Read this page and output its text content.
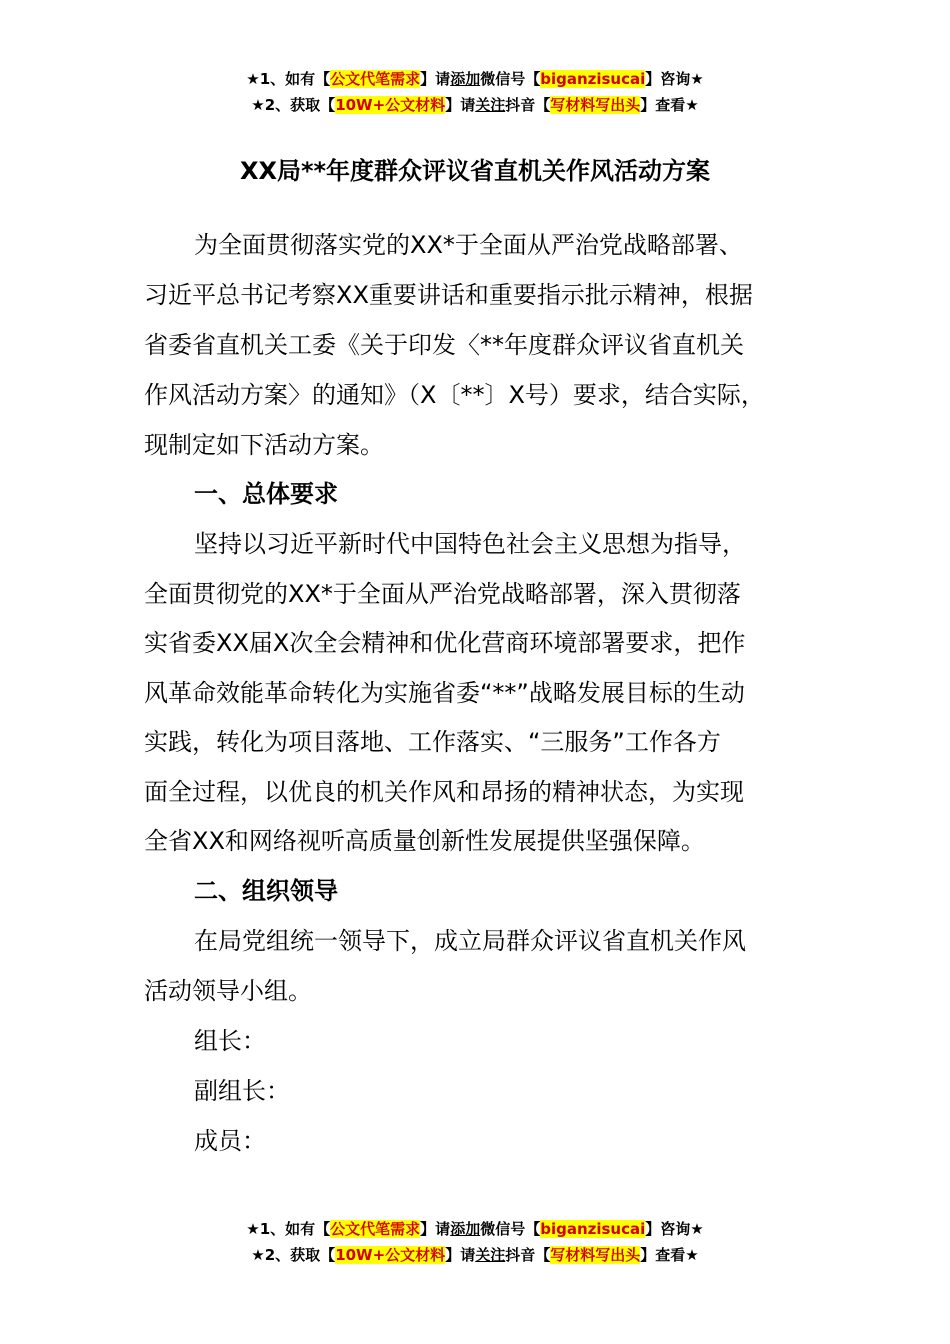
★1、如有【公文代笔需求】请添加微信号【biganzisucai】咨询★
★2、获取【10W+公文材料】请关注抖音【写材料写出头】查看★
XX局**年度群众评议省直机关作风活动方案
为全面贯彻落实党的XX*于全面从严治党战略部署、
习近平总书记考察XX重要讲话和重要指示批示精神，根据
省委省直机关工委《关于印发〈**年度群众评议省直机关
作风活动方案〉的通知》（X〔**〕X号）要求，结合实际，
现制定如下活动方案。
一、总体要求
坚持以习近平新时代中国特色社会主义思想为指导，
全面贯彻党的XX*于全面从严治党战略部署，深入贯彻落
实省委XX届X次全会精神和优化营商环境部署要求，把作
风革命效能革命转化为实施省委“**”战略发展目标的生动
实践，转化为项目落地、工作落实、“三服务”工作各方
面全过程，以优良的机关作风和昂扬的精神状态，为实现
全省XX和网络视听高质量创新性发展提供坚强保障。
二、组织领导
在局党组统一领导下，成立局群众评议省直机关作风
活动领导小组。
组长：
副组长：
成员：
★1、如有【公文代笔需求】请添加微信号【biganzisucai】咨询★
★2、获取【10W+公文材料】请关注抖音【写材料写出头】查看★
